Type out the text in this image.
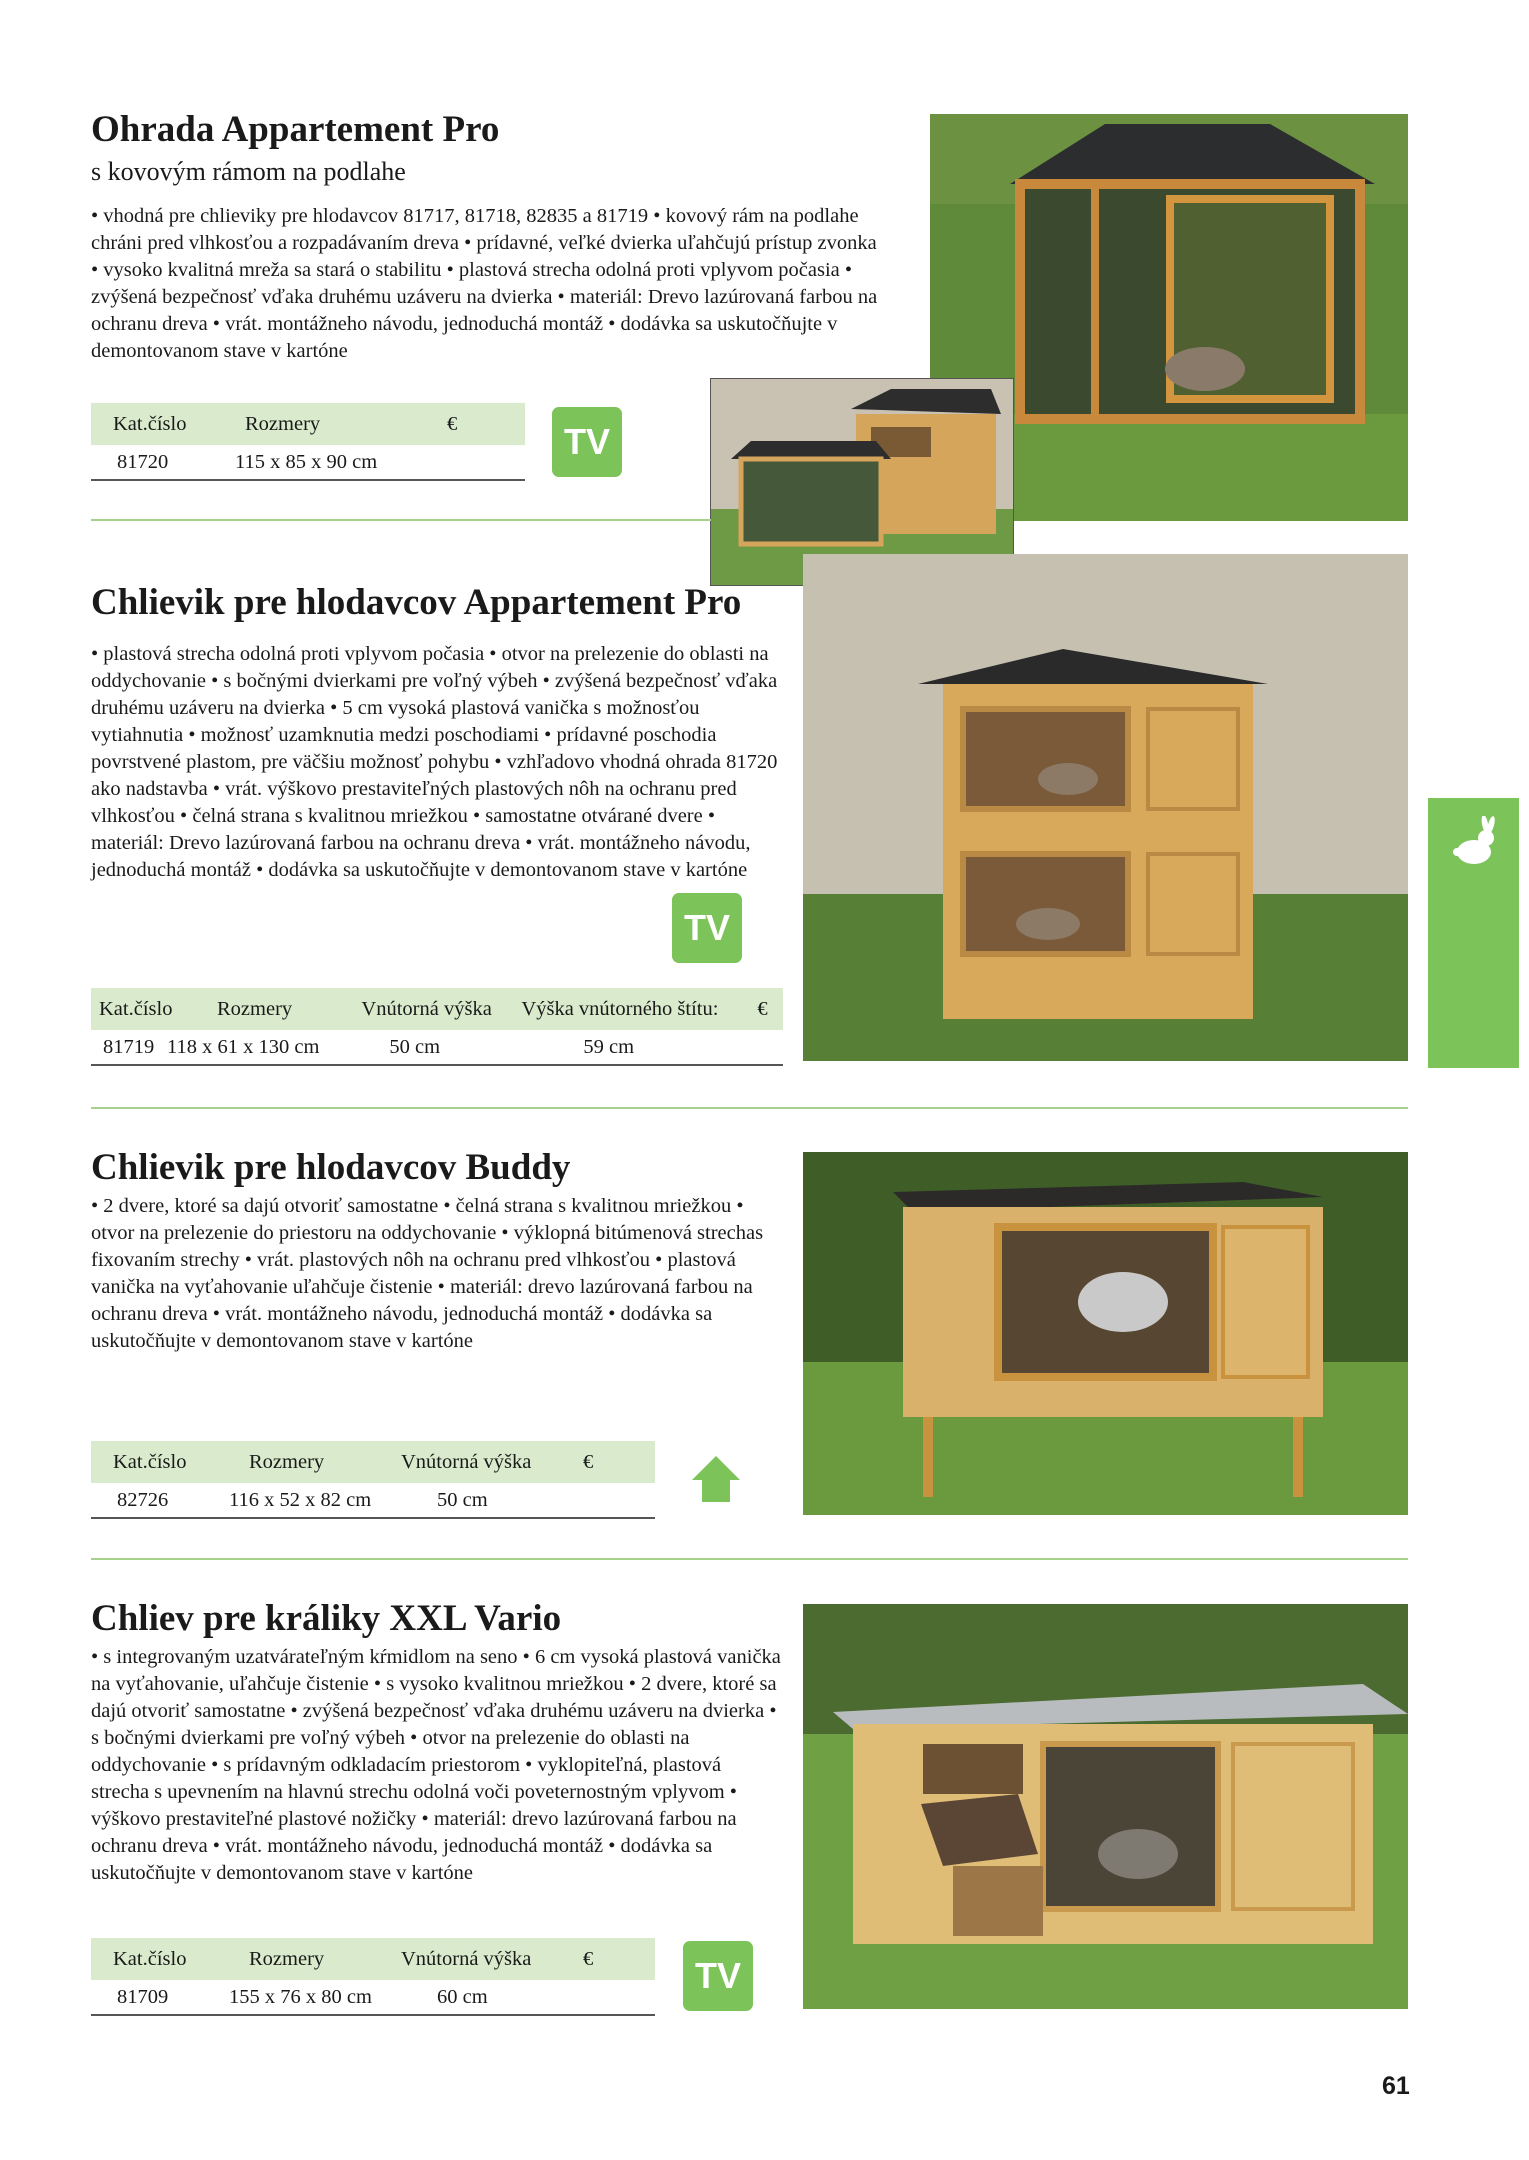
Ohrada Appartement Pro
s kovovým rámom na podlahe
• vhodná pre chlieviky pre hlodavcov 81717, 81718, 82835 a 81719 • kovový rám na podlahe chráni pred vlhkosťou a rozpadávaním dreva • prídavné, veľké dvierka uľahčujú prístup zvonka • vysoko kvalitná mreža sa stará o stabilitu • plastová strecha odolná proti vplyvom počasia • zvýšená bezpečnosť vďaka druhému uzáveru na dvierka • materiál: Drevo lazúrovaná farbou na ochranu dreva • vrát. montážneho návodu, jednoduchá montáž • dodávka sa uskutočňujte v demontovanom stave v kartóne
Kat.číslo	Rozmery	€
81720	115 x 85 x 90 cm		TV
Chlievik pre hlodavcov Appartement Pro
• plastová strecha odolná proti vplyvom počasia • otvor na prelezenie do oblasti na oddychovanie • s bočnými dvierkami pre voľný výbeh • zvýšená bezpečnosť vďaka druhému uzáveru na dvierka • 5 cm vysoká plastová vanička s možnosťou vytiahnutia • možnosť uzamknutia medzi poschodiami • prídavné poschodia povrstvené plastom, pre väčšiu možnosť pohybu • vzhľadovo vhodná ohrada 81720 ako nadstavba • vrát. výškovo prestaviteľných plastových nôh na ochranu pred vlhkosťou • čelná strana s kvalitnou mriežkou • samostatne otvárané dvere • materiál: Drevo lazúrovaná farbou na ochranu dreva • vrát. montážneho návodu, jednoduchá montáž • dodávka sa uskutočňujte v demontovanom stave v kartóne
TV
Kat.číslo	Rozmery	Vnútorná výška	Výška vnútorného štítu:	€
81719	118 x 61 x 130 cm	50 cm	59 cm	
Chlievik pre hlodavcov Buddy
• 2 dvere, ktoré sa dajú otvoriť samostatne • čelná strana s kvalitnou mriežkou • otvor na prelezenie do priestoru na oddychovanie • výklopná bitúmenová strechas fixovaním strechy • vrát. plastových nôh na ochranu pred vlhkosťou • plastová vanička na vyťahovanie uľahčuje čistenie • materiál: drevo lazúrovaná farbou na ochranu dreva • vrát. montážneho návodu, jednoduchá montáž • dodávka sa uskutočňujte v demontovanom stave v kartóne
Kat.číslo	Rozmery	Vnútorná výška	€
82726	116 x 52 x 82 cm	50 cm	
Chliev pre králiky XXL Vario
• s integrovaným uzatvárateľným kŕmidlom na seno • 6 cm vysoká plastová vanička na vyťahovanie, uľahčuje čistenie • s vysoko kvalitnou mriežkou • 2 dvere, ktoré sa dajú otvoriť samostatne • zvýšená bezpečnosť vďaka druhému uzáveru na dvierka • s bočnými dvierkami pre voľný výbeh • otvor na prelezenie do oblasti na oddychovanie • s prídavným odkladacím priestorom • vyklopiteľná, plastová strecha s upevnením na hlavnú strechu odolná voči poveternostným vplyvom • výškovo prestaviteľné plastové nožičky • materiál: drevo lazúrovaná farbou na ochranu dreva • vrát. montážneho návodu, jednoduchá montáž • dodávka sa uskutočňujte v demontovanom stave v kartóne
Kat.číslo	Rozmery	Vnútorná výška	€
81709	155 x 76 x 80 cm	60 cm	
TV
61
